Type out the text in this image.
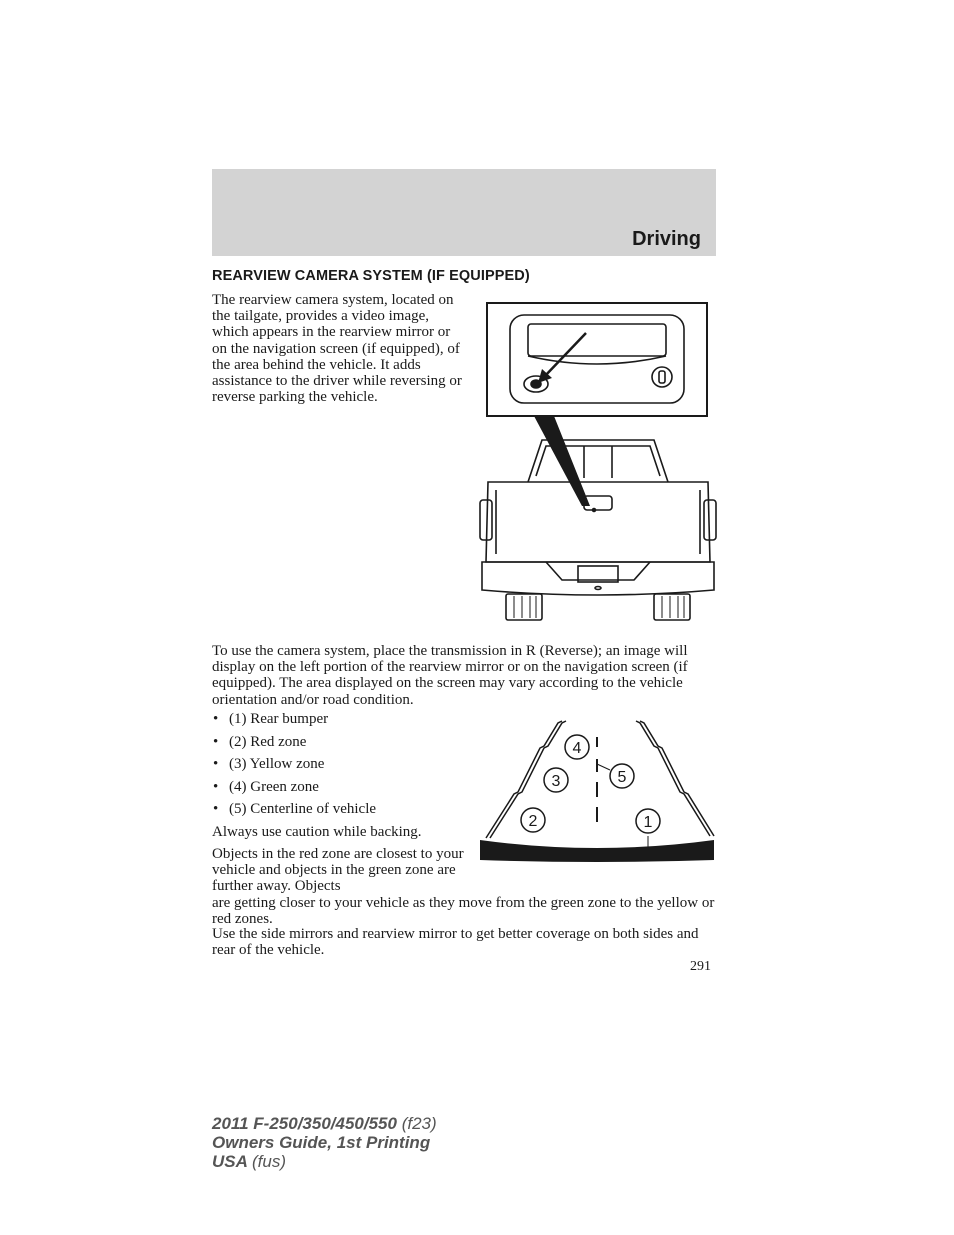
Driving
REARVIEW CAMERA SYSTEM (IF EQUIPPED)

The rearview camera system, located on the tailgate, provides a video image, which appears in the rearview mirror or on the navigation screen (if equipped), of the area behind the vehicle. It adds assistance to the driver while reversing or reverse parking the vehicle.

To use the camera system, place the transmission in R (Reverse); an image will display on the left portion of the rearview mirror or on the navigation screen (if equipped). The area displayed on the screen may vary according to the vehicle orientation and/or road condition.

• (1) Rear bumper
• (2) Red zone
• (3) Yellow zone
• (4) Green zone
• (5) Centerline of vehicle
4
3	5
2	1

Always use caution while backing.

Objects in the red zone are closest to your vehicle and objects in the green zone are further away. Objects
are getting closer to your vehicle as they move from the green zone to the yellow or red zones.

Use the side mirrors and rearview mirror to get better coverage on both sides and rear of the vehicle.

291
2011 F-250/350/450/550 (f23)
Owners Guide, 1st Printing
USA (fus)
